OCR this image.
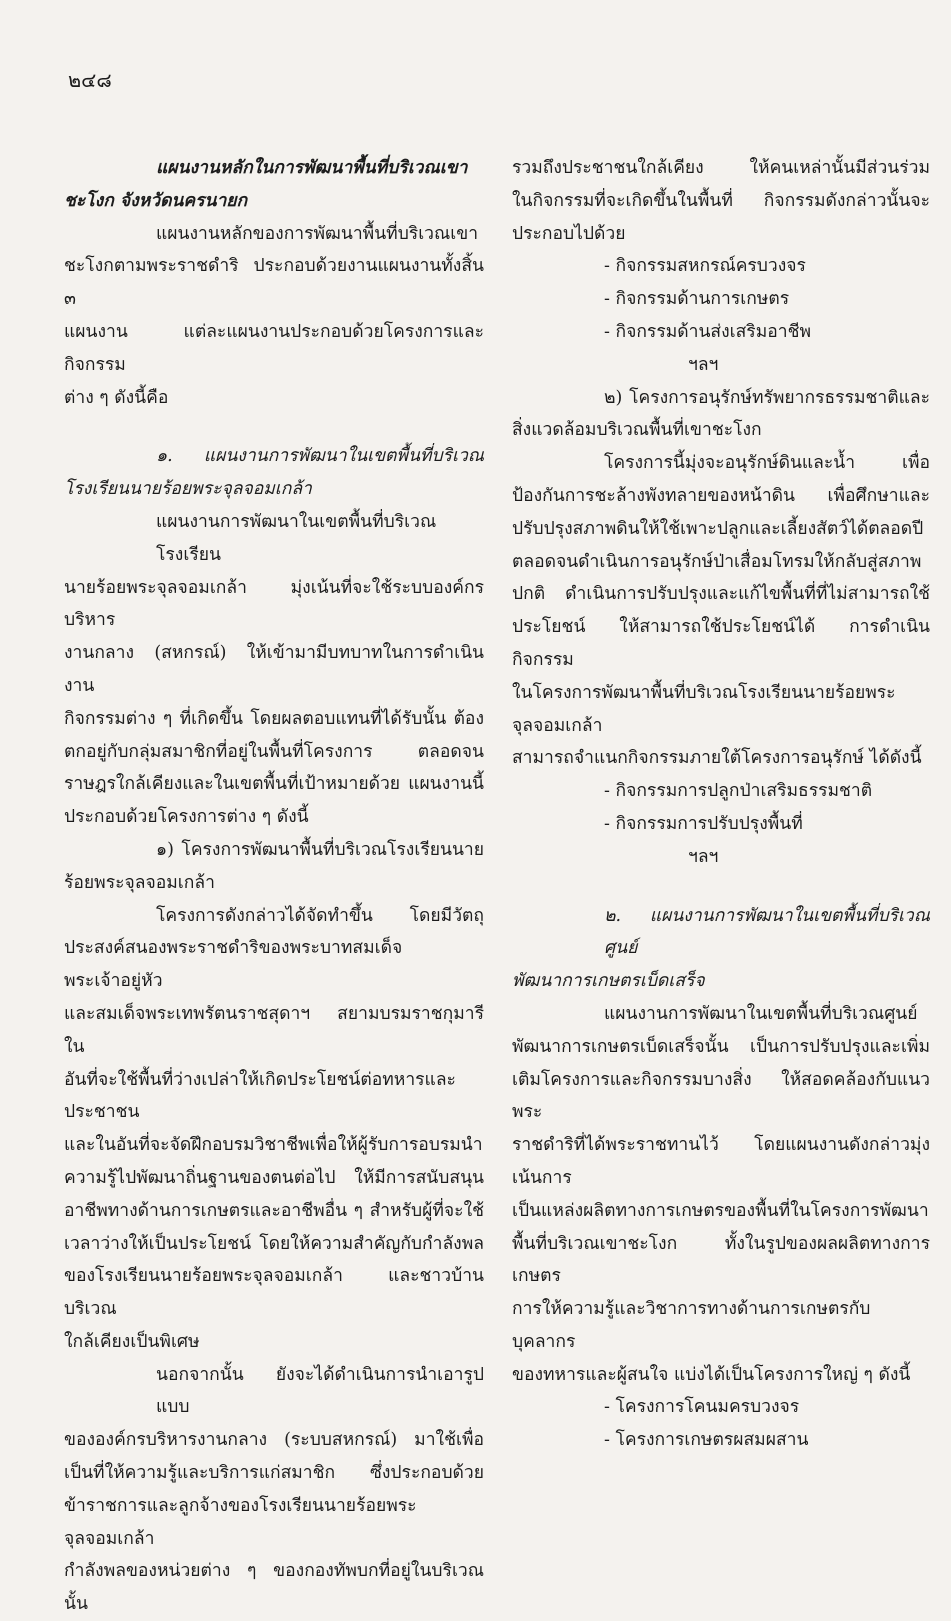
๒๔๘
แผนงานหลักในการพัฒนาพื้นที่บริเวณเขา
ชะโงก จังหวัดนครนายก
แผนงานหลักของการพัฒนาพื้นที่บริเวณเขา
ชะโงกตามพระราชดำริ ประกอบด้วยงานแผนงานทั้งสิ้น ๓
แผนงาน แต่ละแผนงานประกอบด้วยโครงการและกิจกรรม
ต่าง ๆ ดังนี้คือ
๑. แผนงานการพัฒนาในเขตพื้นที่บริเวณ
โรงเรียนนายร้อยพระจุลจอมเกล้า
แผนงานการพัฒนาในเขตพื้นที่บริเวณโรงเรียน
นายร้อยพระจุลจอมเกล้า มุ่งเน้นที่จะใช้ระบบองค์กรบริหาร
งานกลาง (สหกรณ์) ให้เข้ามามีบทบาทในการดำเนินงาน
กิจกรรมต่าง ๆ ที่เกิดขึ้น โดยผลตอบแทนที่ได้รับนั้น ต้อง
ตกอยู่กับกลุ่มสมาชิกที่อยู่ในพื้นที่โครงการ ตลอดจน
ราษฎรใกล้เคียงและในเขตพื้นที่เป้าหมายด้วย แผนงานนี้
ประกอบด้วยโครงการต่าง ๆ ดังนี้
๑) โครงการพัฒนาพื้นที่บริเวณโรงเรียนนาย
ร้อยพระจุลจอมเกล้า
โครงการดังกล่าวได้จัดทำขึ้น โดยมีวัตถุ
ประสงค์สนองพระราชดำริของพระบาทสมเด็จพระเจ้าอยู่หัว
และสมเด็จพระเทพรัตนราชสุดาฯ สยามบรมราชกุมารี ใน
อันที่จะใช้พื้นที่ว่างเปล่าให้เกิดประโยชน์ต่อทหารและประชาชน
และในอันที่จะจัดฝึกอบรมวิชาชีพเพื่อให้ผู้รับการอบรมนำ
ความรู้ไปพัฒนาถิ่นฐานของตนต่อไป ให้มีการสนับสนุน
อาชีพทางด้านการเกษตรและอาชีพอื่น ๆ สำหรับผู้ที่จะใช้
เวลาว่างให้เป็นประโยชน์ โดยให้ความสำคัญกับกำลังพล
ของโรงเรียนนายร้อยพระจุลจอมเกล้า และชาวบ้านบริเวณ
ใกล้เคียงเป็นพิเศษ
นอกจากนั้น ยังจะได้ดำเนินการนำเอารูปแบบ
ขององค์กรบริหารงานกลาง (ระบบสหกรณ์) มาใช้เพื่อ
เป็นที่ให้ความรู้และบริการแก่สมาชิก ซึ่งประกอบด้วย
ข้าราชการและลูกจ้างของโรงเรียนนายร้อยพระจุลจอมเกล้า
กำลังพลของหน่วยต่าง ๆ ของกองทัพบกที่อยู่ในบริเวณนั้น
รวมถึงประชาชนใกล้เคียง ให้คนเหล่านั้นมีส่วนร่วม
ในกิจกรรมที่จะเกิดขึ้นในพื้นที่ กิจกรรมดังกล่าวนั้นจะ
ประกอบไปด้วย
- กิจกรรมสหกรณ์ครบวงจร
- กิจกรรมด้านการเกษตร
- กิจกรรมด้านส่งเสริมอาชีพ
ฯลฯ
๒) โครงการอนุรักษ์ทรัพยากรธรรมชาติและ
สิ่งแวดล้อมบริเวณพื้นที่เขาชะโงก
โครงการนี้มุ่งจะอนุรักษ์ดินและน้ำ เพื่อ
ป้องกันการชะล้างพังทลายของหน้าดิน เพื่อศึกษาและ
ปรับปรุงสภาพดินให้ใช้เพาะปลูกและเลี้ยงสัตว์ได้ตลอดปี
ตลอดจนดำเนินการอนุรักษ์ป่าเสื่อมโทรมให้กลับสู่สภาพ
ปกติ ดำเนินการปรับปรุงและแก้ไขพื้นที่ที่ไม่สามารถใช้
ประโยชน์ ให้สามารถใช้ประโยชน์ได้ การดำเนินกิจกรรม
ในโครงการพัฒนาพื้นที่บริเวณโรงเรียนนายร้อยพระจุลจอมเกล้า
สามารถจำแนกกิจกรรมภายใต้โครงการอนุรักษ์ ได้ดังนี้
- กิจกรรมการปลูกป่าเสริมธรรมชาติ
- กิจกรรมการปรับปรุงพื้นที่
ฯลฯ
๒. แผนงานการพัฒนาในเขตพื้นที่บริเวณศูนย์
พัฒนาการเกษตรเบ็ดเสร็จ
แผนงานการพัฒนาในเขตพื้นที่บริเวณศูนย์
พัฒนาการเกษตรเบ็ดเสร็จนั้น เป็นการปรับปรุงและเพิ่ม
เติมโครงการและกิจกรรมบางสิ่ง ให้สอดคล้องกับแนวพระ
ราชดำริที่ได้พระราชทานไว้ โดยแผนงานดังกล่าวมุ่งเน้นการ
เป็นแหล่งผลิตทางการเกษตรของพื้นที่ในโครงการพัฒนา
พื้นที่บริเวณเขาชะโงก ทั้งในรูปของผลผลิตทางการเกษตร
การให้ความรู้และวิชาการทางด้านการเกษตรกับบุคลากร
ของทหารและผู้สนใจ แบ่งได้เป็นโครงการใหญ่ ๆ ดังนี้
- โครงการโคนมครบวงจร
- โครงการเกษตรผสมผสาน
